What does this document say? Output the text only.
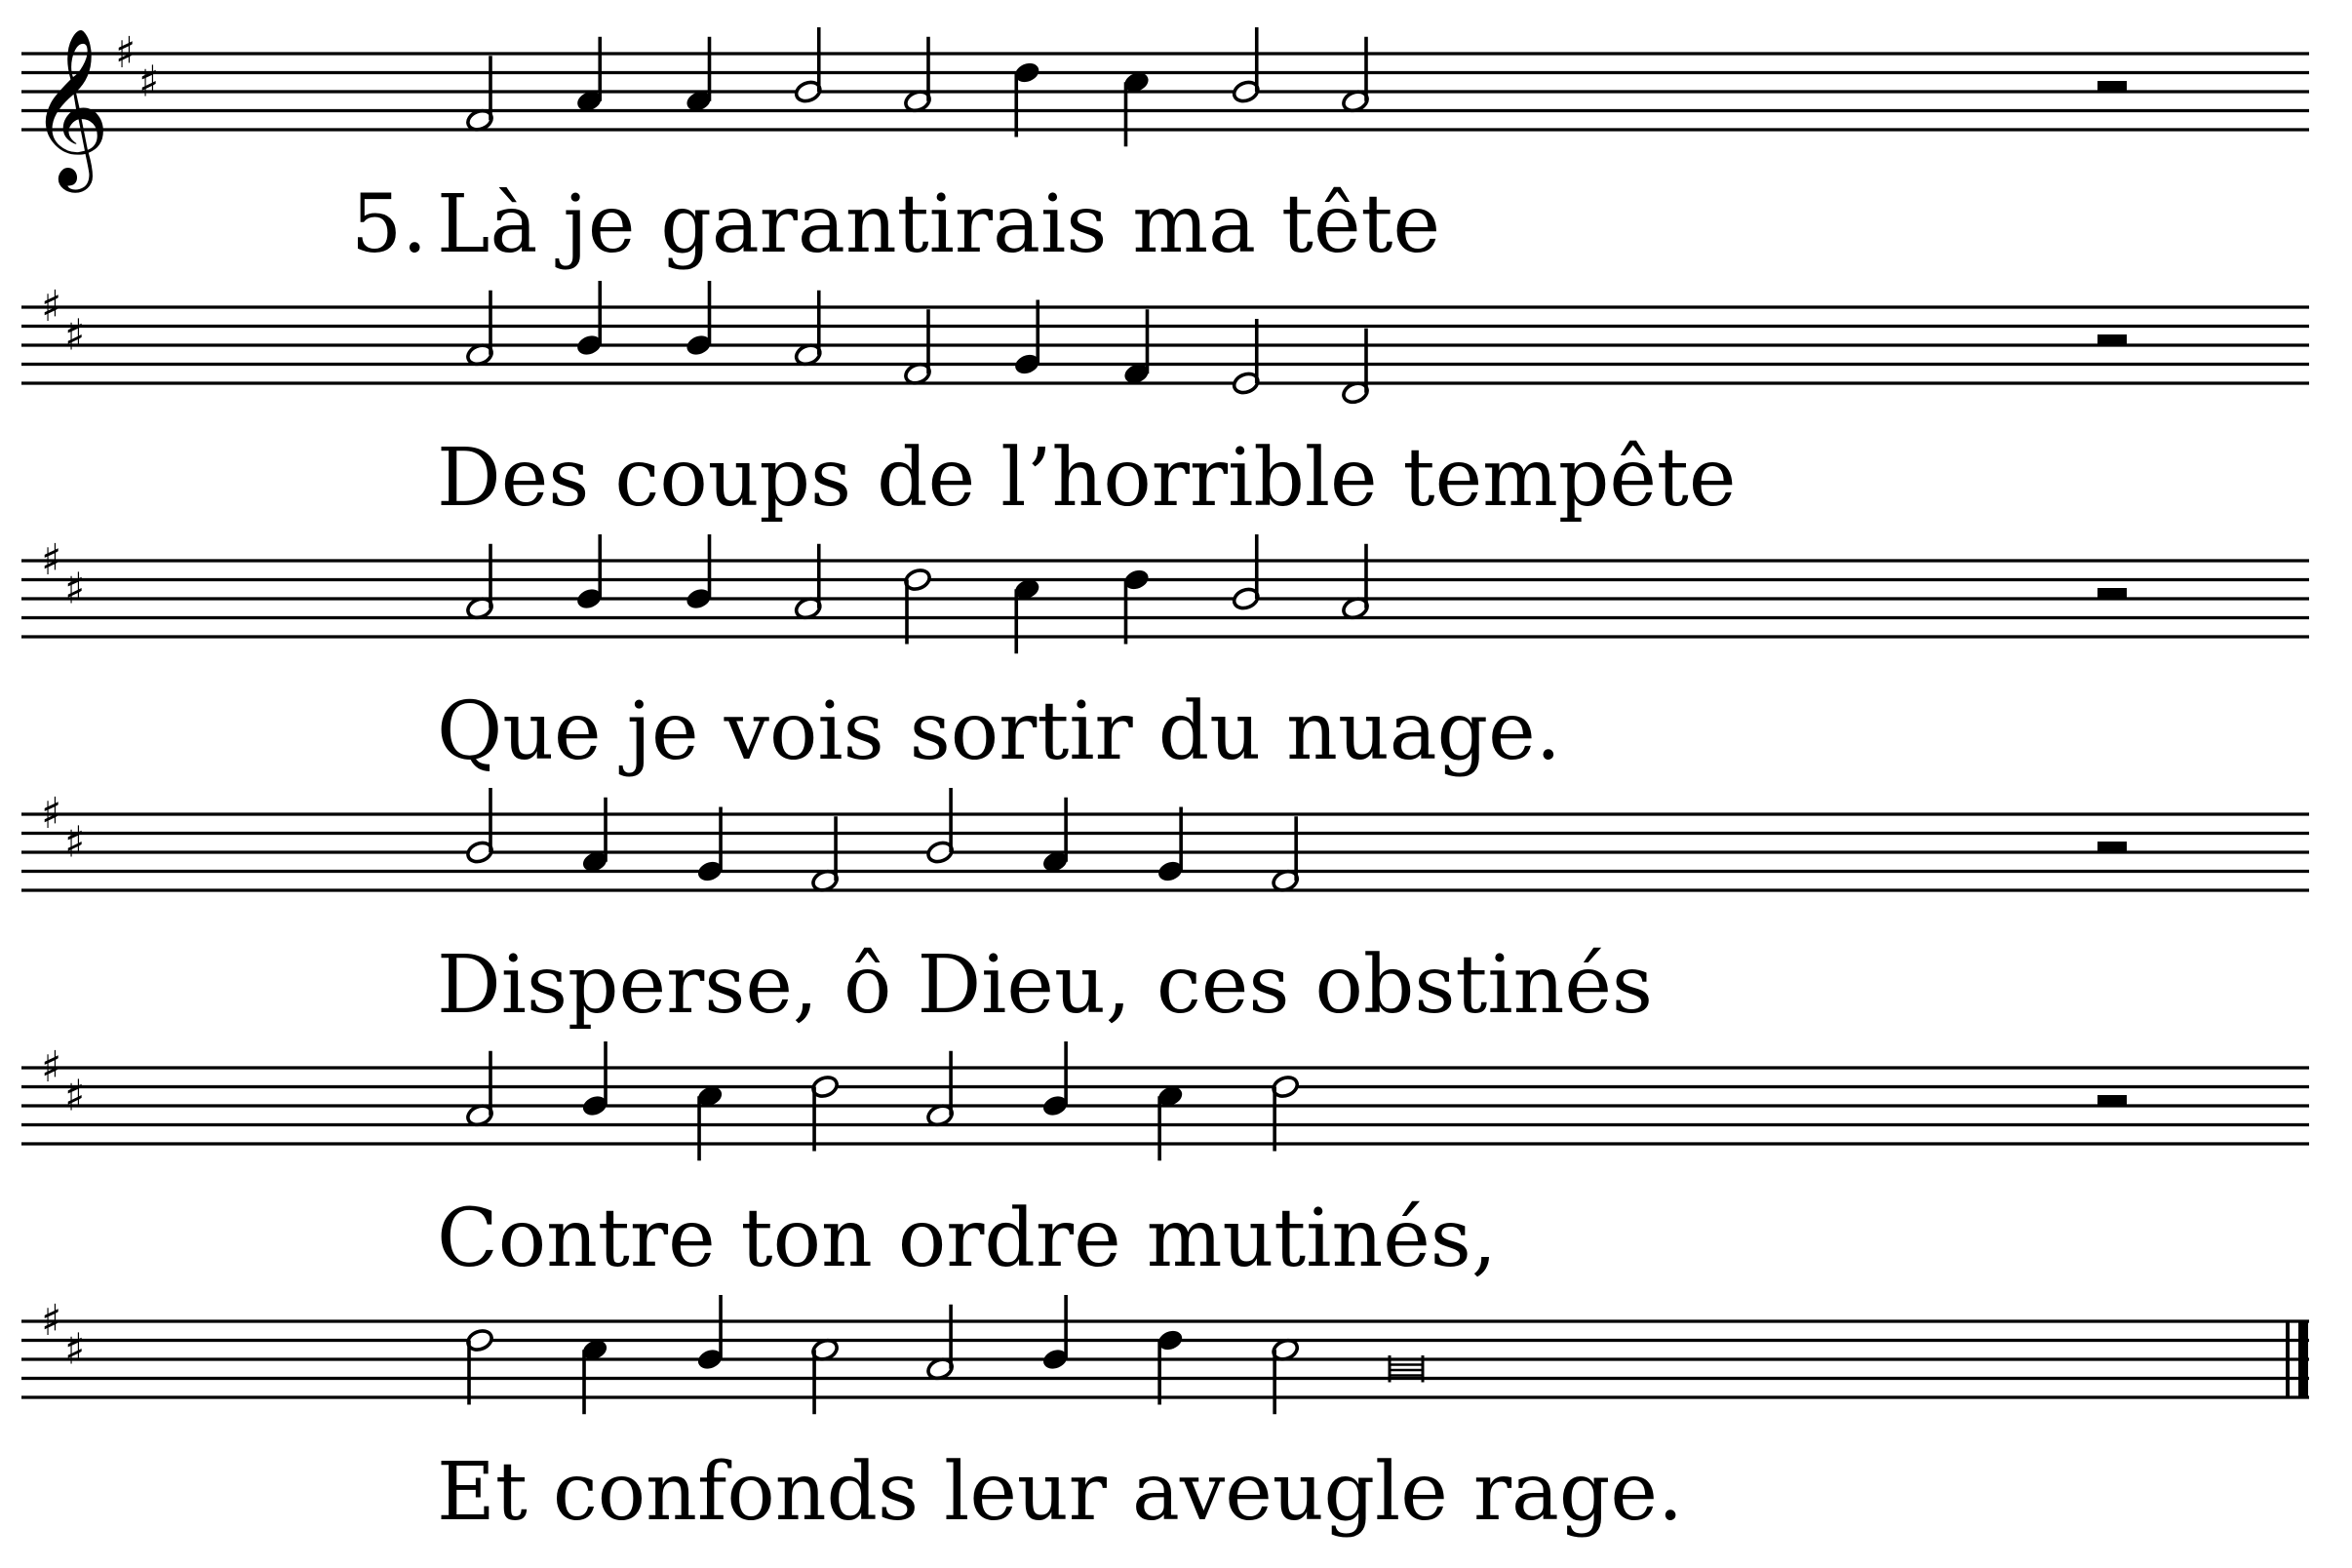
𝄞 ♯
♯
♯
♯
♯
♯
♯
♯
♯
♯
♯
♯
5. Là je garantirais ma tête
Des coups de l’horrible tempête
Que je vois sortir du nuage.
Disperse, ô Dieu, ces obstinés
Contre ton ordre mutinés,
Et confonds leur aveugle rage.
